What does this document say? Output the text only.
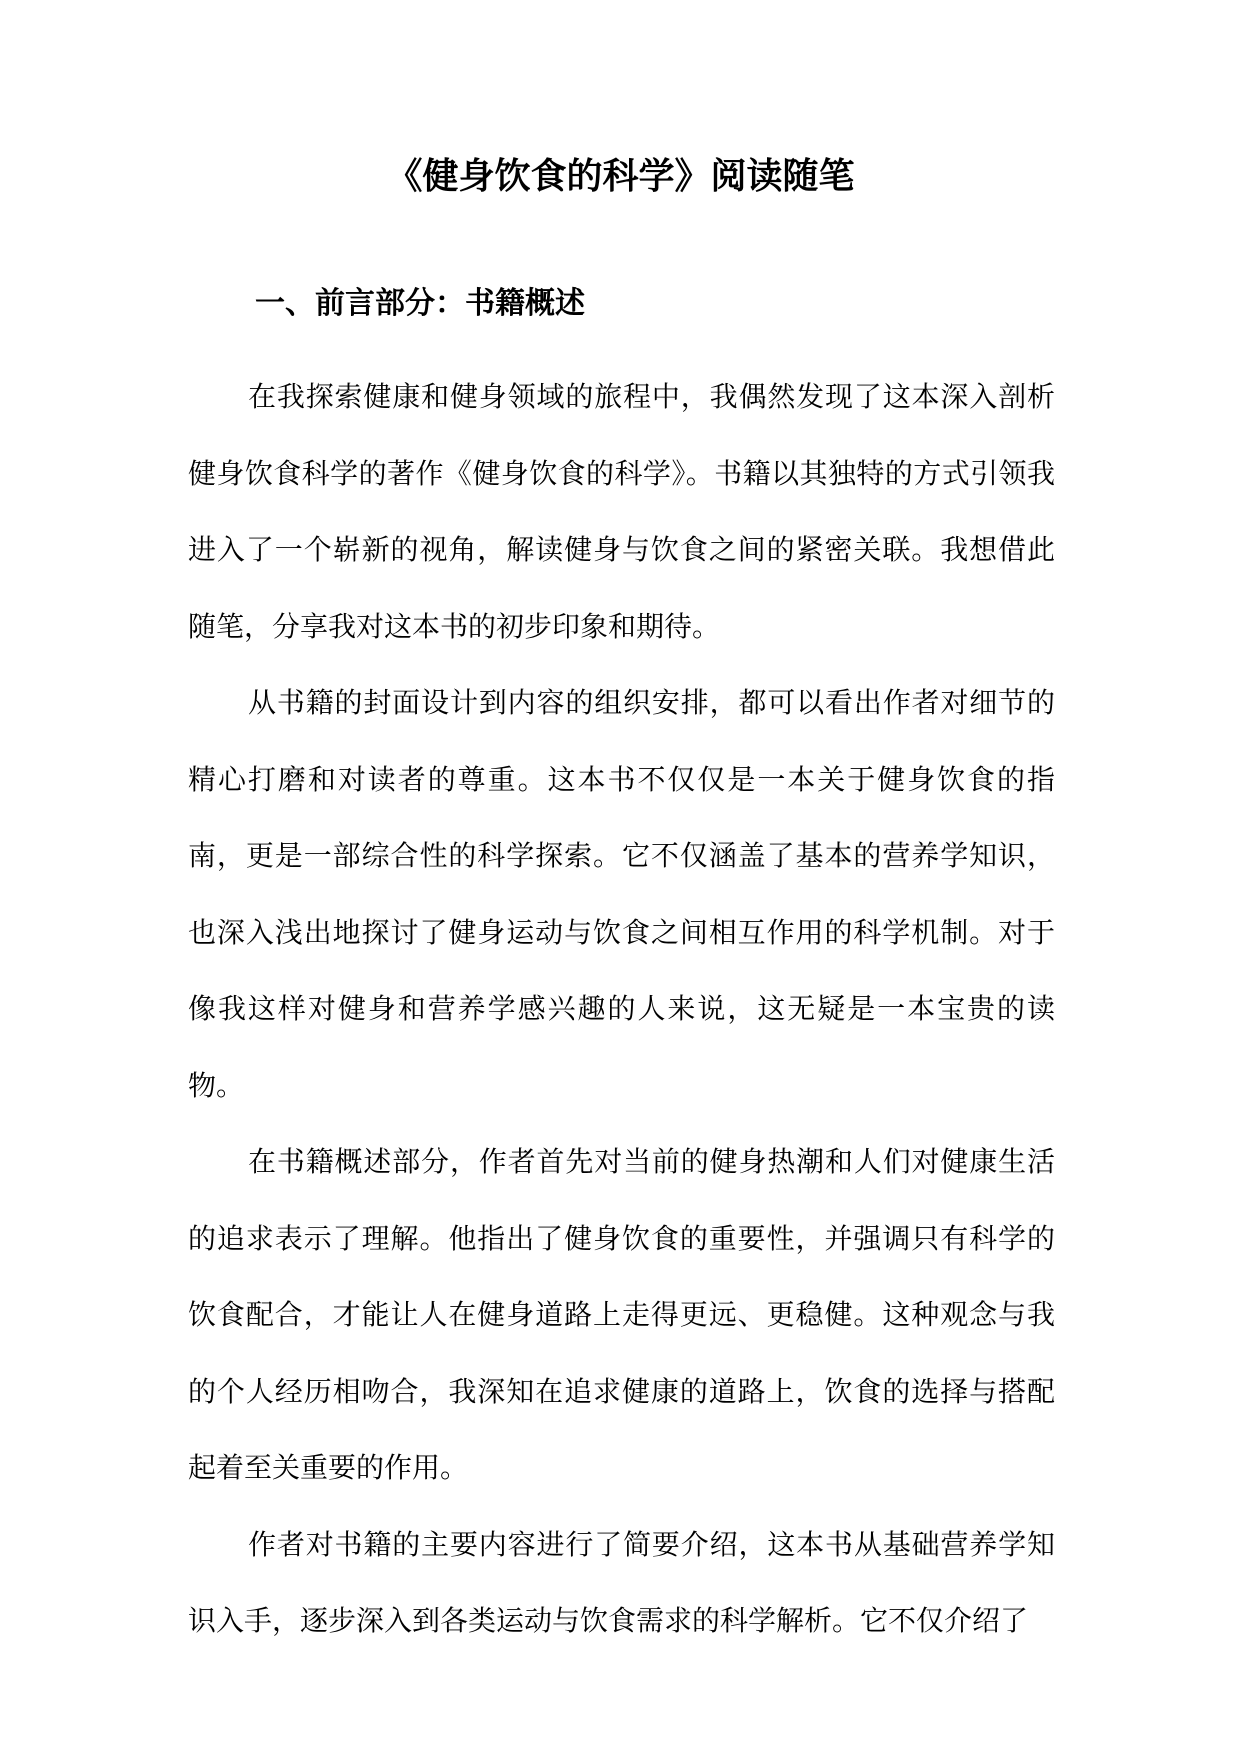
《健身饮食的科学》阅读随笔
一、前言部分：书籍概述

在我探索健康和健身领域的旅程中，我偶然发现了这本深入剖析健身饮食科学的著作《健身饮食的科学》。书籍以其独特的方式引领我进入了一个崭新的视角，解读健身与饮食之间的紧密关联。我想借此随笔，分享我对这本书的初步印象和期待。

从书籍的封面设计到内容的组织安排，都可以看出作者对细节的精心打磨和对读者的尊重。这本书不仅仅是一本关于健身饮食的指南，更是一部综合性的科学探索。它不仅涵盖了基本的营养学知识，也深入浅出地探讨了健身运动与饮食之间相互作用的科学机制。对于像我这样对健身和营养学感兴趣的人来说，这无疑是一本宝贵的读物。

在书籍概述部分，作者首先对当前的健身热潮和人们对健康生活的追求表示了理解。他指出了健身饮食的重要性，并强调只有科学的饮食配合，才能让人在健身道路上走得更远、更稳健。这种观念与我的个人经历相吻合，我深知在追求健康的道路上，饮食的选择与搭配起着至关重要的作用。

作者对书籍的主要内容进行了简要介绍，这本书从基础营养学知识入手，逐步深入到各类运动与饮食需求的科学解析。它不仅介绍了
